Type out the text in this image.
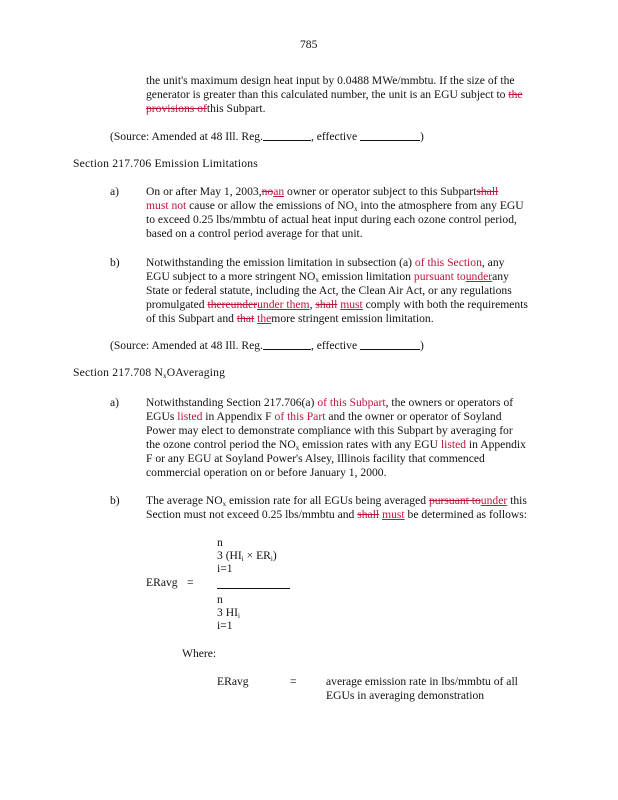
785
the unit's maximum design heat input by 0.0488 MWe/mmbtu. If the size of the
generator is greater than this calculated number, the unit is an EGU subject to the
provisions ofthis Subpart.
(Source: Amended at 48 Ill. Reg.	, effective	)
Section 217.706 Emission Limitations
a) On or after May 1, 2003,noan owner or operator subject to this Subpartshall
must not cause or allow the emissions of $NO_x$ into the atmosphere from any EGU
to exceed 0.25 lbs/mmbtu of actual heat input during each ozone control period,
based on a control period average for that unit.
b) Notwithstanding the emission limitation in subsection (a) of this Section, any
EGU subject to a more stringent $NO_x$ emission limitation pursuant tounderany
State or federal statute, including the Act, the Clean Air Act, or any regulations
promulgated thereunderunder them, shall must comply with both the requirements
of this Subpart and that themore stringent emission limitation.
(Source: Amended at 48 Ill. Reg.	, effective	)
Section 217.708 $N_xOAveraging$
a) Notwithstanding Section 217.706(a) of this Subpart, the owners or operators of
EGUs listed in Appendix F of this Part and the owner or operator of Soyland
Power may elect to demonstrate compliance with this Subpart by averaging for
the ozone control period the $NO_x$ emission rates with any EGU listed in Appendix
F or any EGU at Soyland Power's Alsey, Illinois facility that commenced
commercial operation on or before January 1, 2000.
b) The average $NO_x$ emission rate for all EGUs being averaged pursuant tounder this
Section must not exceed 0.25 lbs/mmbtu and shall must be determined as follows:
n
3 $(HI_i \times ER_i)$
i=1
ERavg =
n
3 $HI_i$
i=1
Where:
ERavg	=	average emission rate in lbs/mmbtu of all
EGUs in averaging demonstration
